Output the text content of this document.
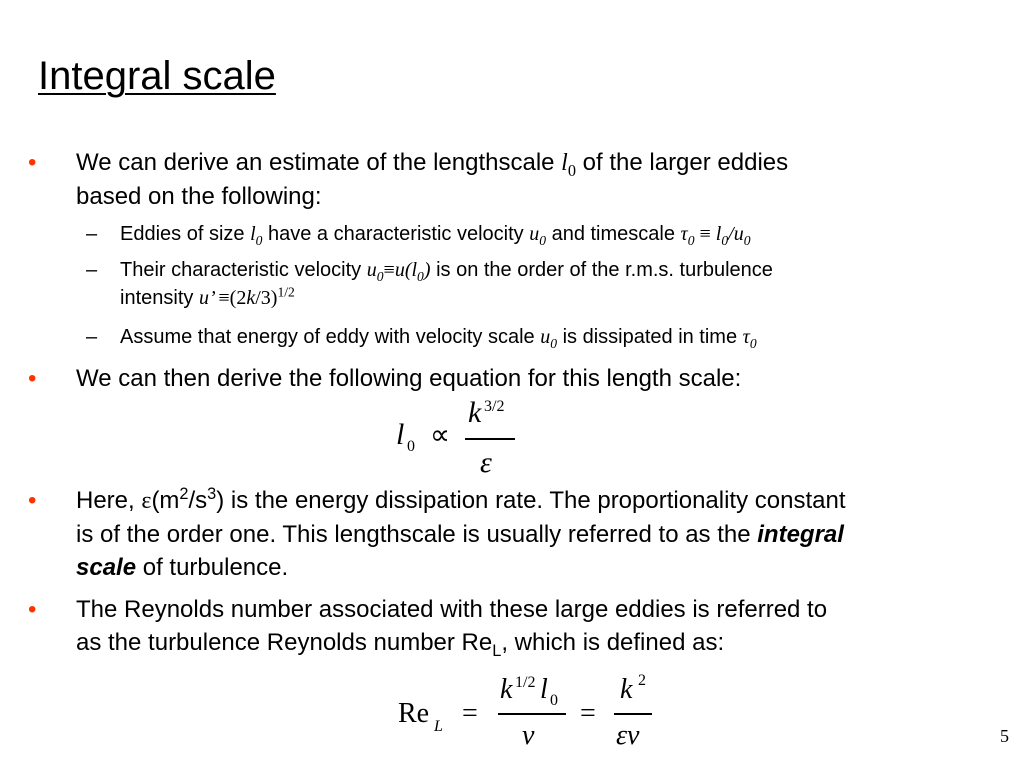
Integral scale
• We can derive an estimate of the lengthscale $l_0$ of the larger eddies
based on the following:
– Eddies of size $l_0$ have a characteristic velocity $u_0$ and timescale $\tau_0 \equiv l_0/u_0$
– Their characteristic velocity $u_0\equiv u(l_0)$ is on the order of the r.m.s. turbulence
intensity u’ $\equiv(2k/3)^{1/2}$
– Assume that energy of eddy with velocity scale $u_0$ is dissipated in time $\tau_0$
• We can then derive the following equation for this length scale:
l 0 ∝
k 3/2
ε
• Here, $\varepsilon(m^2/s^3)$ is the energy dissipation rate. The proportionality constant
is of the order one. This lengthscale is usually referred to as the integral
scale of turbulence.
• The Reynolds number associated with these large eddies is referred to
as the turbulence Reynolds number $Re_L$, which is defined as:
Re L =
k 1/2 l 0
ν
=
k 2
εν	5
